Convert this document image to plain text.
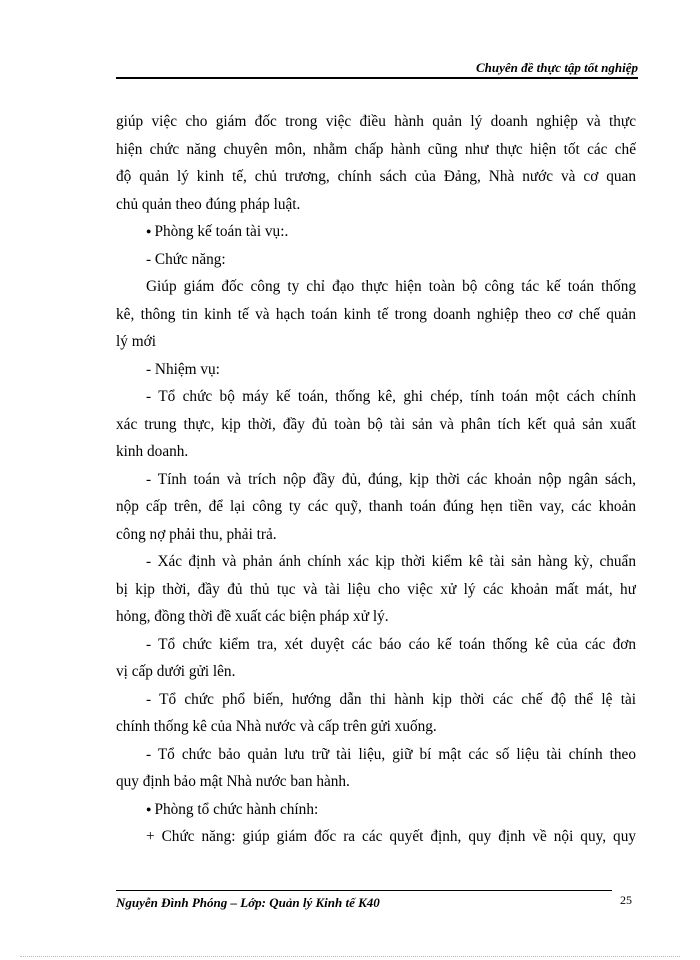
Chuyên đề thực tập tốt nghiệp
giúp việc cho giám đốc trong việc điều hành quản lý doanh nghiệp và thực
hiện chức năng chuyên môn, nhằm chấp hành cũng như thực hiện tốt các chế
độ quản lý kinh tế, chủ trương, chính sách của Đảng, Nhà nước và cơ quan
chủ quản theo đúng pháp luật.
● Phòng kế toán tài vụ:.
- Chức năng:
Giúp giám đốc công ty chỉ đạo thực hiện toàn bộ công tác kế toán thống
kê, thông tin kinh tế và hạch toán kinh tế trong doanh nghiệp theo cơ chế quản
lý mới
- Nhiệm vụ:
- Tổ chức bộ máy kế toán, thống kê, ghi chép, tính toán một cách chính
xác trung thực, kịp thời, đầy đủ toàn bộ tài sản và phân tích kết quả sản xuất
kinh doanh.
- Tính toán và trích nộp đầy đủ, đúng, kịp thời các khoản nộp ngân sách,
nộp cấp trên, để lại công ty các quỹ, thanh toán đúng hẹn tiền vay, các khoản
công nợ phải thu, phải trả.
- Xác định và phản ánh chính xác kịp thời kiểm kê tài sản hàng kỳ, chuẩn
bị kịp thời, đầy đủ thủ tục và tài liệu cho việc xử lý các khoản mất mát, hư
hỏng, đồng thời đề xuất các biện pháp xử lý.
- Tổ chức kiểm tra, xét duyệt các báo cáo kế toán thống kê của các đơn
vị cấp dưới gửi lên.
- Tổ chức phổ biến, hướng dẫn thi hành kịp thời các chế độ thể lệ tài
chính thống kê của Nhà nước và cấp trên gửi xuống.
- Tổ chức bảo quản lưu trữ tài liệu, giữ bí mật các số liệu tài chính theo
quy định bảo mật Nhà nước ban hành.
● Phòng tổ chức hành chính:
+ Chức năng: giúp giám đốc ra các quyết định, quy định về nội quy, quy
Nguyễn Đình Phóng – Lớp: Quản lý Kinh tế K40	25
